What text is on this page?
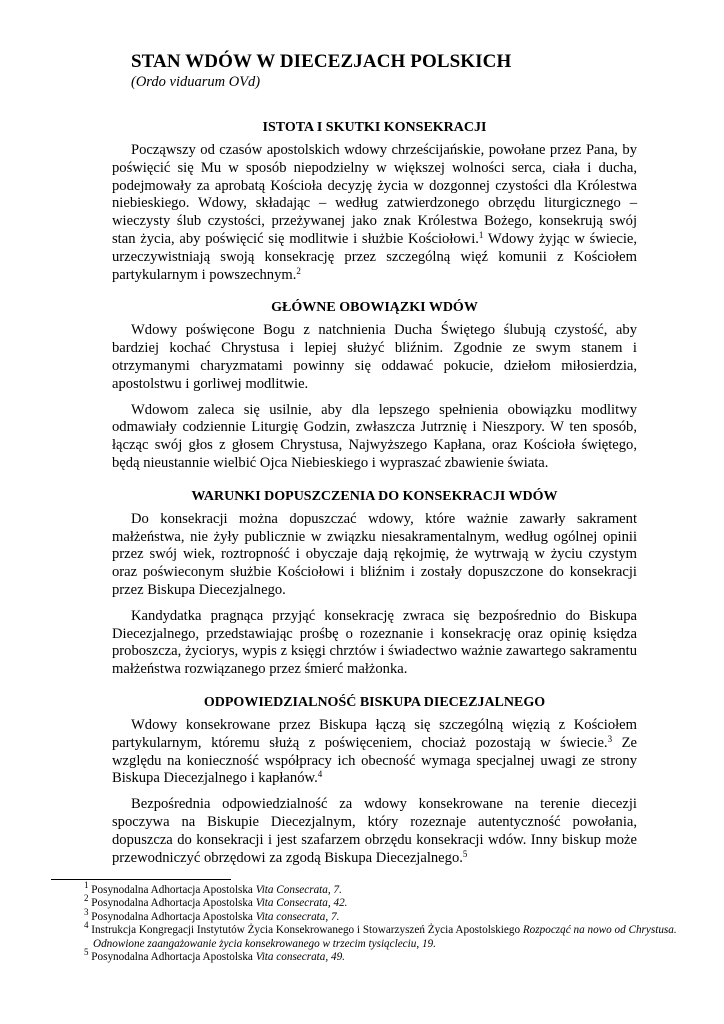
STAN WDÓW W DIECEZJACH POLSKICH
(Ordo viduarum OVd)
ISTOTA I SKUTKI KONSEKRACJI

Począwszy od czasów apostolskich wdowy chrześcijańskie, powołane przez Pana, by poświęcić się Mu w sposób niepodzielny w większej wolności serca, ciała i ducha, podejmowały za aprobatą Kościoła decyzję życia w dozgonnej czystości dla Królestwa niebieskiego. Wdowy, składając – według zatwierdzonego obrzędu liturgicznego – wieczysty ślub czystości, przeżywanej jako znak Królestwa Bożego, konsekrują swój stan życia, aby poświęcić się modlitwie i służbie Kościołowi.$^1$ Wdowy żyjąc w świecie, urzeczywistniają swoją konsekrację przez szczególną więź komunii z Kościołem partykularnym i powszechnym.$^2$

GŁÓWNE OBOWIĄZKI WDÓW

Wdowy poświęcone Bogu z natchnienia Ducha Świętego ślubują czystość, aby bardziej kochać Chrystusa i lepiej służyć bliźnim. Zgodnie ze swym stanem i otrzymanymi charyzmatami powinny się oddawać pokucie, dziełom miłosierdzia, apostolstwu i gorliwej modlitwie.

Wdowom zaleca się usilnie, aby dla lepszego spełnienia obowiązku modlitwy odmawiały codziennie Liturgię Godzin, zwłaszcza Jutrznię i Nieszpory. W ten sposób, łącząc swój głos z głosem Chrystusa, Najwyższego Kapłana, oraz Kościoła świętego, będą nieustannie wielbić Ojca Niebieskiego i wypraszać zbawienie świata.

WARUNKI DOPUSZCZENIA DO KONSEKRACJI WDÓW

Do konsekracji można dopuszczać wdowy, które ważnie zawarły sakrament małżeństwa, nie żyły publicznie w związku niesakramentalnym, według ogólnej opinii przez swój wiek, roztropność i obyczaje dają rękojmię, że wytrwają w życiu czystym oraz poświeconym służbie Kościołowi i bliźnim i zostały dopuszczone do konsekracji przez Biskupa Diecezjalnego.

Kandydatka pragnąca przyjąć konsekrację zwraca się bezpośrednio do Biskupa Diecezjalnego, przedstawiając prośbę o rozeznanie i konsekrację oraz opinię księdza proboszcza, życiorys, wypis z księgi chrztów i świadectwo ważnie zawartego sakramentu małżeństwa rozwiązanego przez śmierć małżonka.

ODPOWIEDZIALNOŚĆ BISKUPA DIECEZJALNEGO

Wdowy konsekrowane przez Biskupa łączą się szczególną więzią z Kościołem partykularnym, któremu służą z poświęceniem, chociaż pozostają w świecie.$^3$ Ze względu na konieczność współpracy ich obecność wymaga specjalnej uwagi ze strony Biskupa Diecezjalnego i kapłanów.$^4$

Bezpośrednia odpowiedzialność za wdowy konsekrowane na terenie diecezji spoczywa na Biskupie Diecezjalnym, który rozeznaje autentyczność powołania, dopuszcza do konsekracji i jest szafarzem obrzędu konsekracji wdów. Inny biskup może przewodniczyć obrzędowi za zgodą Biskupa Diecezjalnego.$^5$

$^1$ Posynodalna Adhortacja Apostolska Vita Consecrata, 7.

$^2$ Posynodalna Adhortacja Apostolska Vita Consecrata, 42.

$^3$ Posynodalna Adhortacja Apostolska Vita consecrata, 7.

$^4$ Instrukcja Kongregacji Instytutów Życia Konsekrowanego i Stowarzyszeń Życia Apostolskiego Rozpocząć na nowo od Chrystusa. Odnowione zaangażowanie życia konsekrowanego w trzecim tysiącleciu, 19.

$^5$ Posynodalna Adhortacja Apostolska Vita consecrata, 49.
